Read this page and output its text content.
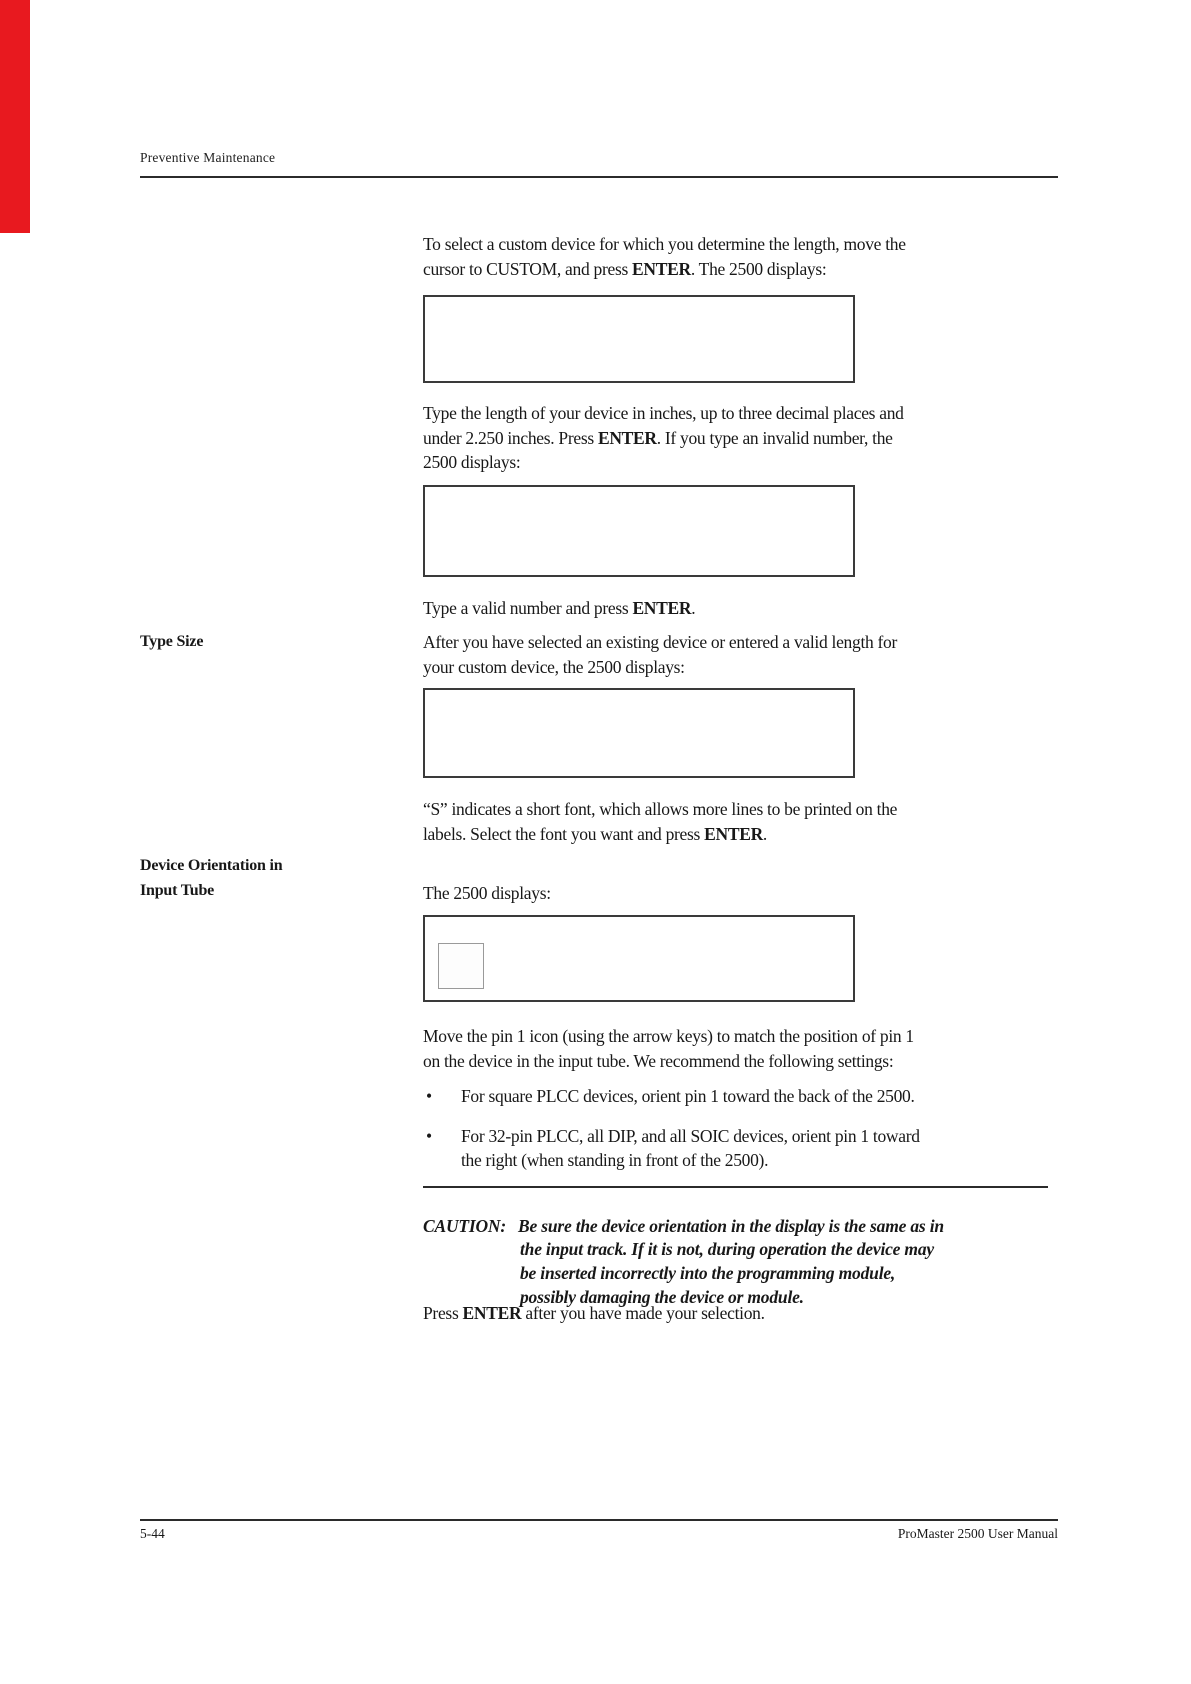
Preventive Maintenance
To select a custom device for which you determine the length, move the
cursor to CUSTOM, and press ENTER. The 2500 displays:
Type the length of your device in inches, up to three decimal places and
under 2.250 inches. Press ENTER. If you type an invalid number, the
2500 displays:
Type a valid number and press ENTER.
Type Size	After you have selected an existing device or entered a valid length for
your custom device, the 2500 displays:
“S” indicates a short font, which allows more lines to be printed on the
labels. Select the font you want and press ENTER.
Device Orientation in
Input Tube	The 2500 displays:
Move the pin 1 icon (using the arrow keys) to match the position of pin 1
on the device in the input tube. We recommend the following settings:
• For square PLCC devices, orient pin 1 toward the back of the 2500.
• For 32-pin PLCC, all DIP, and all SOIC devices, orient pin 1 toward
the right (when standing in front of the 2500).

CAUTION: Be sure the device orientation in the display is the same as in
the input track. If it is not, during operation the device may
be inserted incorrectly into the programming module,
possibly damaging the device or module.

Press ENTER after you have made your selection.
5-44	ProMaster 2500 User Manual
